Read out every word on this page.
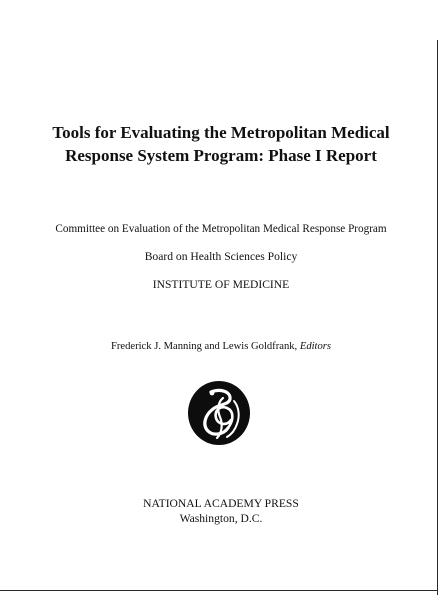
Tools for Evaluating the Metropolitan Medical
Response System Program: Phase I Report
Committee on Evaluation of the Metropolitan Medical Response Program
Board on Health Sciences Policy
INSTITUTE OF MEDICINE
Frederick J. Manning and Lewis Goldfrank, Editors
NATIONAL ACADEMY PRESS
Washington, D.C.
